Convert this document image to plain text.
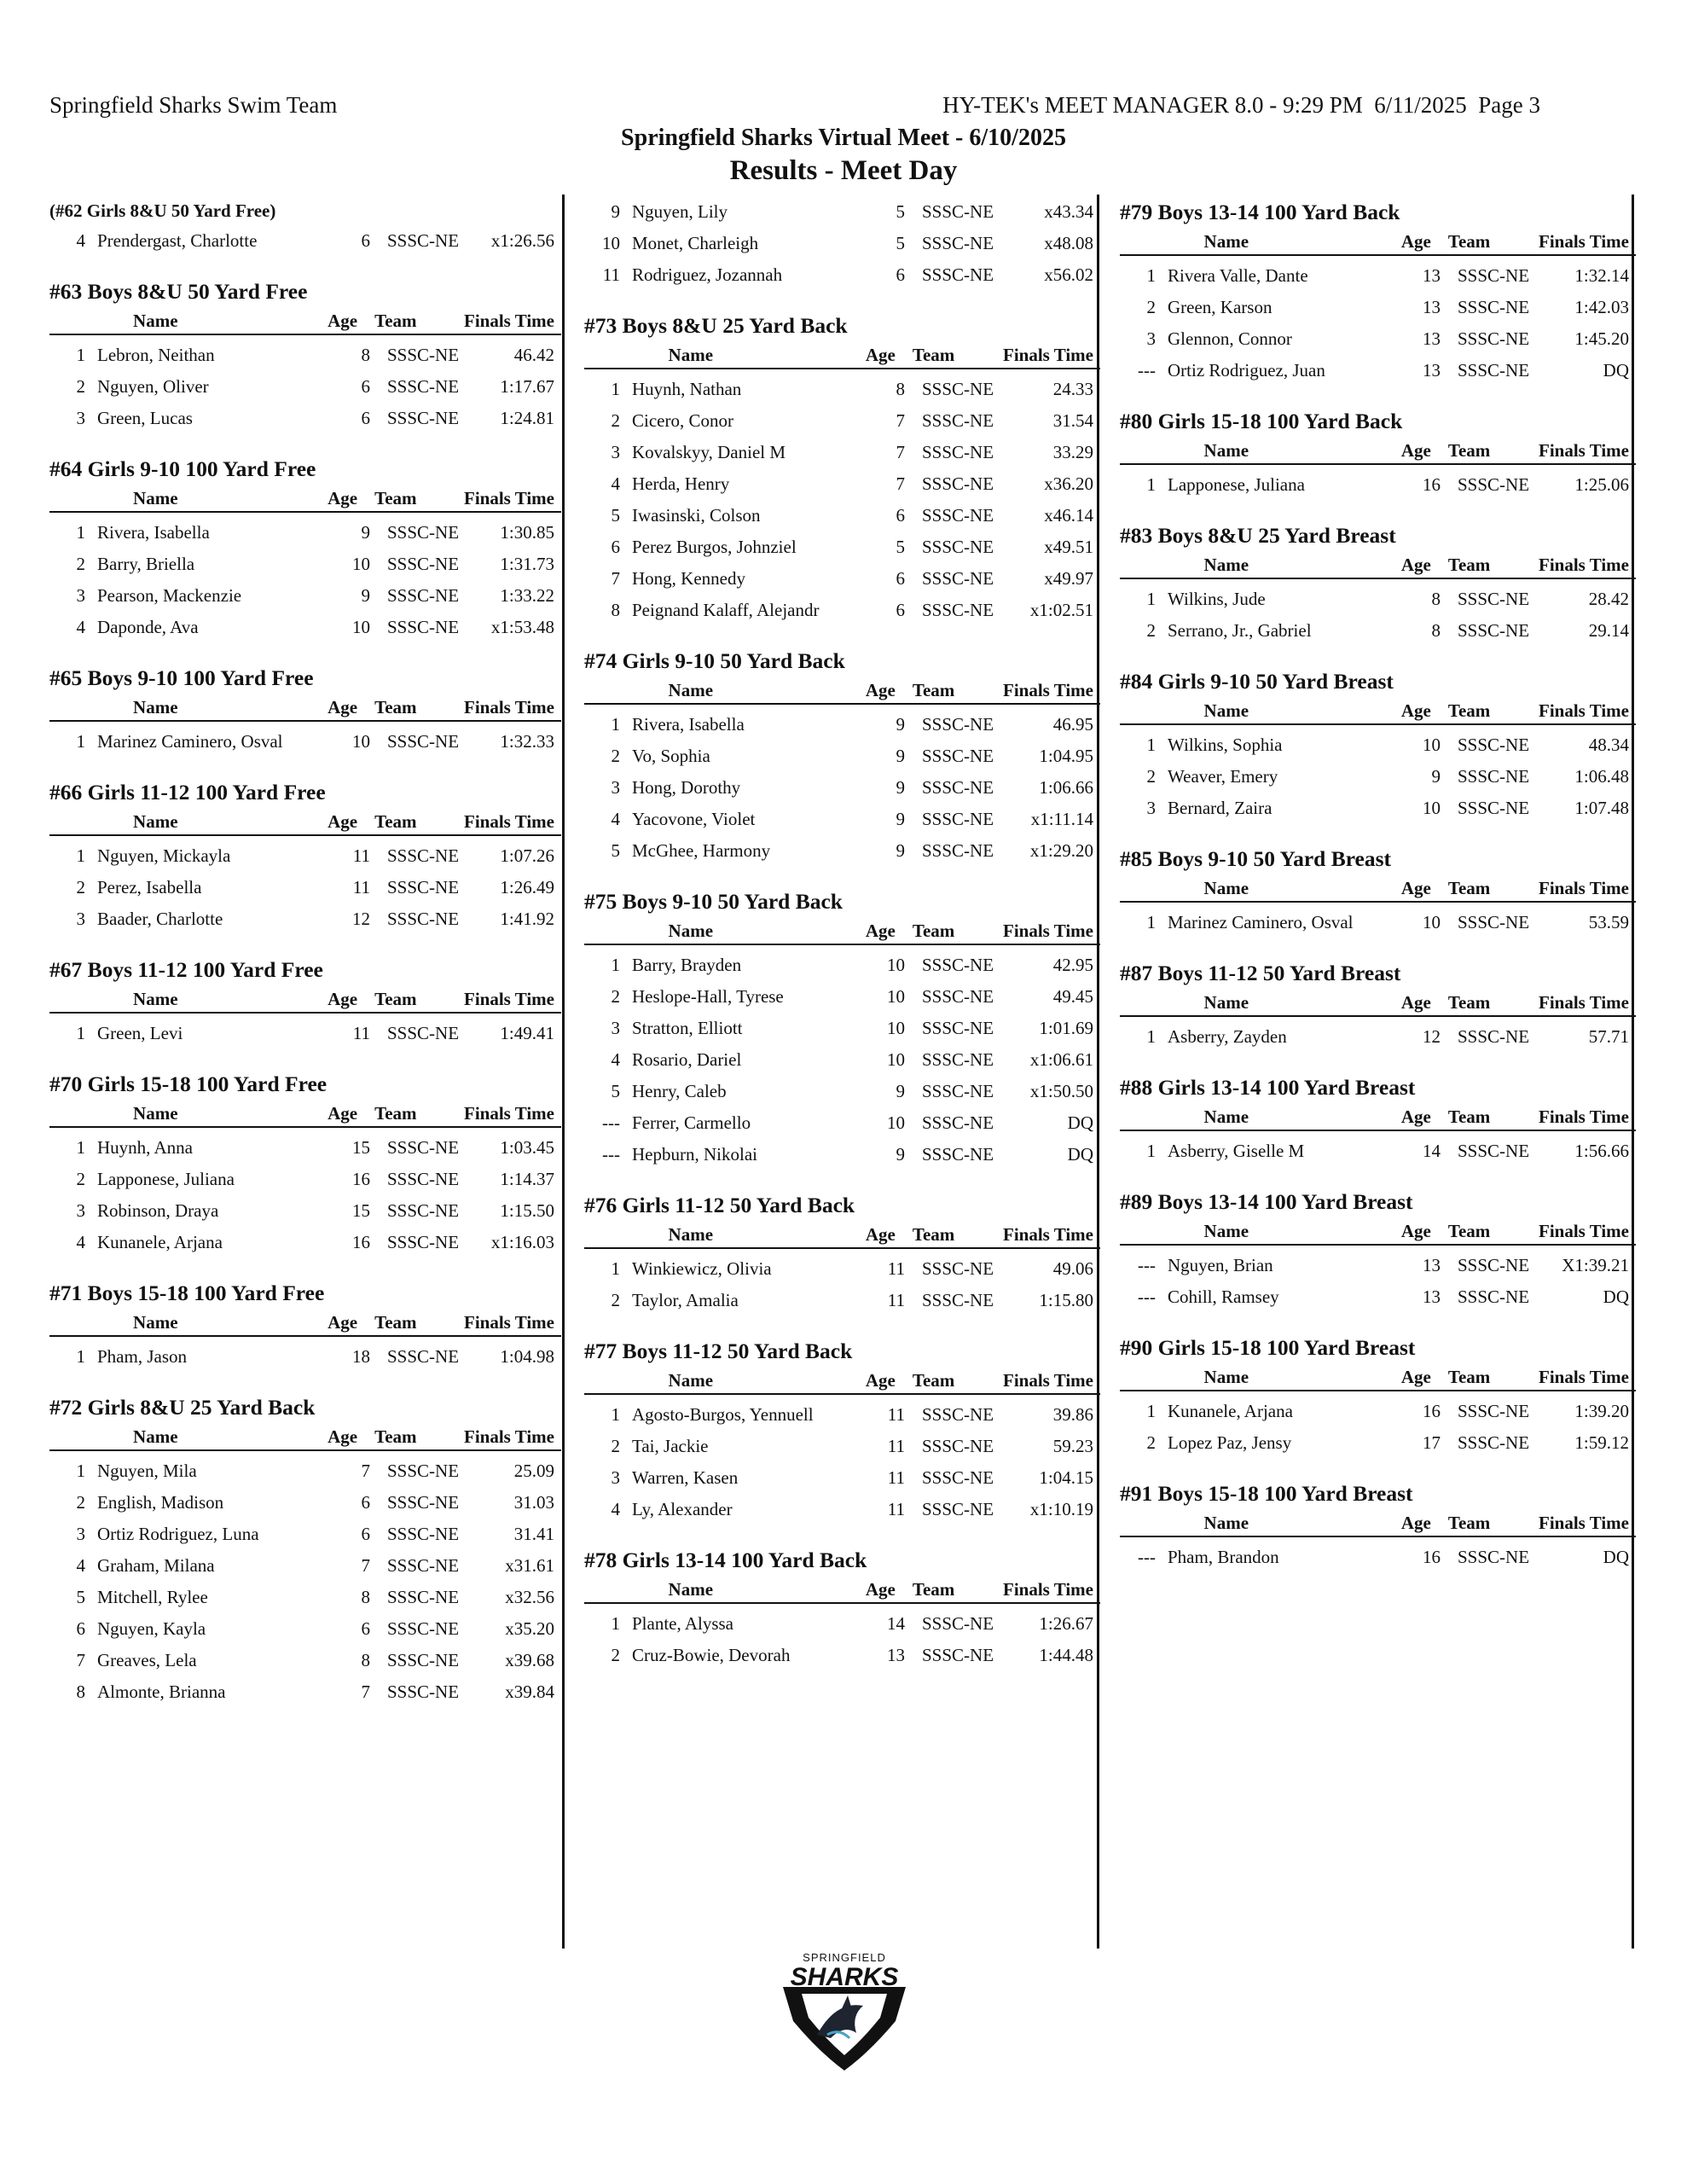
Springfield Sharks Swim Team	HY-TEK's MEET MANAGER 8.0 - 9:29 PM  6/11/2025  Page 3
Springfield Sharks Virtual Meet - 6/10/2025
Results - Meet Day
(#62 Girls 8&U 50 Yard Free)
4 Prendergast, Charlotte	6 SSSC-NE	x1:26.56
#63 Boys 8&U 50 Yard Free
Name	Age Team	Finals Time
1 Lebron, Neithan	8 SSSC-NE	46.42
2 Nguyen, Oliver	6 SSSC-NE	1:17.67
3 Green, Lucas	6 SSSC-NE	1:24.81
#64 Girls 9-10 100 Yard Free
Name	Age Team	Finals Time
1 Rivera, Isabella	9 SSSC-NE	1:30.85
2 Barry, Briella	10 SSSC-NE	1:31.73
3 Pearson, Mackenzie	9 SSSC-NE	1:33.22
4 Daponde, Ava	10 SSSC-NE	x1:53.48
#65 Boys 9-10 100 Yard Free
Name	Age Team	Finals Time
1 Marinez Caminero, Osval	10 SSSC-NE	1:32.33
#66 Girls 11-12 100 Yard Free
Name	Age Team	Finals Time
1 Nguyen, Mickayla	11 SSSC-NE	1:07.26
2 Perez, Isabella	11 SSSC-NE	1:26.49
3 Baader, Charlotte	12 SSSC-NE	1:41.92
#67 Boys 11-12 100 Yard Free
Name	Age Team	Finals Time
1 Green, Levi	11 SSSC-NE	1:49.41
#70 Girls 15-18 100 Yard Free
Name	Age Team	Finals Time
1 Huynh, Anna	15 SSSC-NE	1:03.45
2 Lapponese, Juliana	16 SSSC-NE	1:14.37
3 Robinson, Draya	15 SSSC-NE	1:15.50
4 Kunanele, Arjana	16 SSSC-NE	x1:16.03
#71 Boys 15-18 100 Yard Free
Name	Age Team	Finals Time
1 Pham, Jason	18 SSSC-NE	1:04.98
#72 Girls 8&U 25 Yard Back
Name	Age Team	Finals Time
1 Nguyen, Mila	7 SSSC-NE	25.09
2 English, Madison	6 SSSC-NE	31.03
3 Ortiz Rodriguez, Luna	6 SSSC-NE	31.41
4 Graham, Milana	7 SSSC-NE	x31.61
5 Mitchell, Rylee	8 SSSC-NE	x32.56
6 Nguyen, Kayla	6 SSSC-NE	x35.20
7 Greaves, Lela	8 SSSC-NE	x39.68
8 Almonte, Brianna	7 SSSC-NE	x39.84
9 Nguyen, Lily	5 SSSC-NE	x43.34
10 Monet, Charleigh	5 SSSC-NE	x48.08
11 Rodriguez, Jozannah	6 SSSC-NE	x56.02
#73 Boys 8&U 25 Yard Back
Name	Age Team	Finals Time
1 Huynh, Nathan	8 SSSC-NE	24.33
2 Cicero, Conor	7 SSSC-NE	31.54
3 Kovalskyy, Daniel M	7 SSSC-NE	33.29
4 Herda, Henry	7 SSSC-NE	x36.20
5 Iwasinski, Colson	6 SSSC-NE	x46.14
6 Perez Burgos, Johnziel	5 SSSC-NE	x49.51
7 Hong, Kennedy	6 SSSC-NE	x49.97
8 Peignand Kalaff, Alejandr	6 SSSC-NE	x1:02.51
#74 Girls 9-10 50 Yard Back
Name	Age Team	Finals Time
1 Rivera, Isabella	9 SSSC-NE	46.95
2 Vo, Sophia	9 SSSC-NE	1:04.95
3 Hong, Dorothy	9 SSSC-NE	1:06.66
4 Yacovone, Violet	9 SSSC-NE	x1:11.14
5 McGhee, Harmony	9 SSSC-NE	x1:29.20
#75 Boys 9-10 50 Yard Back
Name	Age Team	Finals Time
1 Barry, Brayden	10 SSSC-NE	42.95
2 Heslope-Hall, Tyrese	10 SSSC-NE	49.45
3 Stratton, Elliott	10 SSSC-NE	1:01.69
4 Rosario, Dariel	10 SSSC-NE	x1:06.61
5 Henry, Caleb	9 SSSC-NE	x1:50.50
--- Ferrer, Carmello	10 SSSC-NE	DQ
--- Hepburn, Nikolai	9 SSSC-NE	DQ
#76 Girls 11-12 50 Yard Back
Name	Age Team	Finals Time
1 Winkiewicz, Olivia	11 SSSC-NE	49.06
2 Taylor, Amalia	11 SSSC-NE	1:15.80
#77 Boys 11-12 50 Yard Back
Name	Age Team	Finals Time
1 Agosto-Burgos, Yennuell	11 SSSC-NE	39.86
2 Tai, Jackie	11 SSSC-NE	59.23
3 Warren, Kasen	11 SSSC-NE	1:04.15
4 Ly, Alexander	11 SSSC-NE	x1:10.19
#78 Girls 13-14 100 Yard Back
Name	Age Team	Finals Time
1 Plante, Alyssa	14 SSSC-NE	1:26.67
2 Cruz-Bowie, Devorah	13 SSSC-NE	1:44.48
#79 Boys 13-14 100 Yard Back
Name	Age Team	Finals Time
1 Rivera Valle, Dante	13 SSSC-NE	1:32.14
2 Green, Karson	13 SSSC-NE	1:42.03
3 Glennon, Connor	13 SSSC-NE	1:45.20
--- Ortiz Rodriguez, Juan	13 SSSC-NE	DQ
#80 Girls 15-18 100 Yard Back
Name	Age Team	Finals Time
1 Lapponese, Juliana	16 SSSC-NE	1:25.06
#83 Boys 8&U 25 Yard Breast
Name	Age Team	Finals Time
1 Wilkins, Jude	8 SSSC-NE	28.42
2 Serrano, Jr., Gabriel	8 SSSC-NE	29.14
#84 Girls 9-10 50 Yard Breast
Name	Age Team	Finals Time
1 Wilkins, Sophia	10 SSSC-NE	48.34
2 Weaver, Emery	9 SSSC-NE	1:06.48
3 Bernard, Zaira	10 SSSC-NE	1:07.48
#85 Boys 9-10 50 Yard Breast
Name	Age Team	Finals Time
1 Marinez Caminero, Osval	10 SSSC-NE	53.59
#87 Boys 11-12 50 Yard Breast
Name	Age Team	Finals Time
1 Asberry, Zayden	12 SSSC-NE	57.71
#88 Girls 13-14 100 Yard Breast
Name	Age Team	Finals Time
1 Asberry, Giselle M	14 SSSC-NE	1:56.66
#89 Boys 13-14 100 Yard Breast
Name	Age Team	Finals Time
--- Nguyen, Brian	13 SSSC-NE	X1:39.21
--- Cohill, Ramsey	13 SSSC-NE	DQ
#90 Girls 15-18 100 Yard Breast
Name	Age Team	Finals Time
1 Kunanele, Arjana	16 SSSC-NE	1:39.20
2 Lopez Paz, Jensy	17 SSSC-NE	1:59.12
#91 Boys 15-18 100 Yard Breast
Name	Age Team	Finals Time
--- Pham, Brandon	16 SSSC-NE	DQ
SPRINGFIELD
SHARKS
